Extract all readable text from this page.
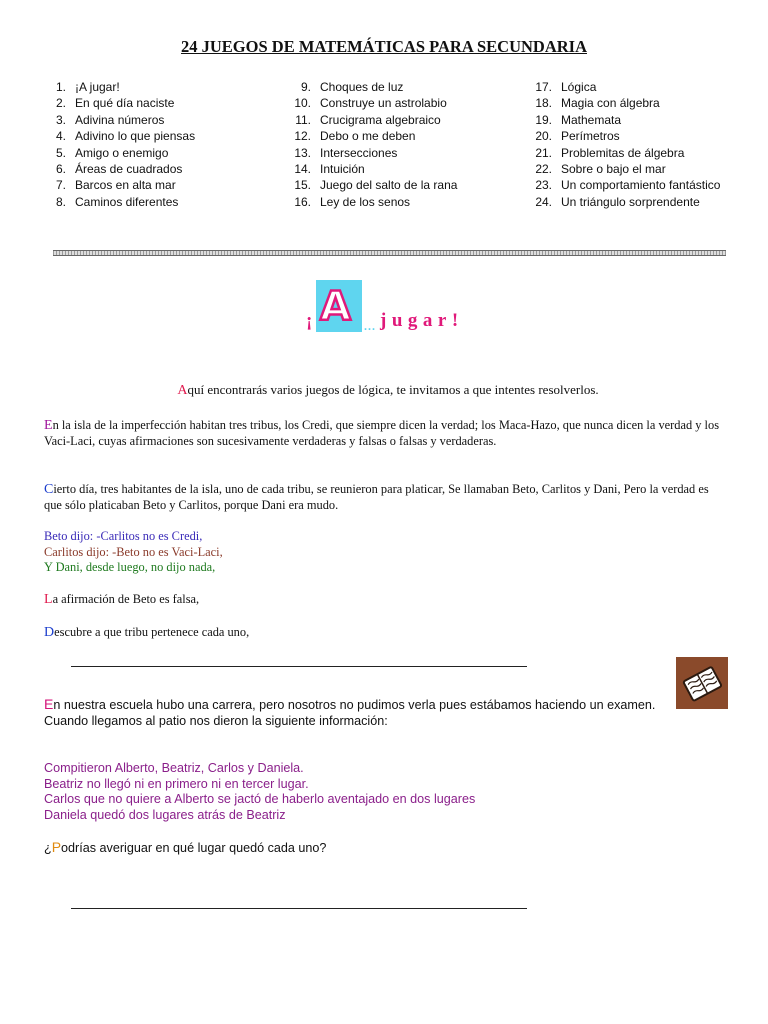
24 JUEGOS DE MATEMÁTICAS PARA SECUNDARIA
1. ¡A jugar!
2. En qué día naciste
3. Adivina números
4. Adivino lo que piensas
5. Amigo o enemigo
6. Áreas de cuadrados
7. Barcos en alta mar
8. Caminos diferentes
9. Choques de luz
10. Construye un astrolabio
11. Crucigrama algebraico
12. Debo o me deben
13. Intersecciones
14. Intuición
15. Juego del salto de la rana
16. Ley de los senos
17. Lógica
18. Magia con álgebra
19. Mathemata
20. Perímetros
21. Problemitas de álgebra
22. Sobre o bajo el mar
23. Un comportamiento fantástico
24. Un triángulo sorprendente
¡ A ... jugar!
Aquí encontrarás varios juegos de lógica, te invitamos a que intentes resolverlos.
En la isla de la imperfección habitan tres tribus, los Credi, que siempre dicen la verdad; los Maca-Hazo, que nunca dicen la verdad y los Vaci-Laci, cuyas afirmaciones son sucesivamente verdaderas y falsas o falsas y verdaderas.
Cierto día, tres habitantes de la isla, uno de cada tribu, se reunieron para platicar, Se llamaban Beto, Carlitos y Dani, Pero la verdad es que sólo platicaban Beto y Carlitos, porque Dani era mudo.
Beto dijo: -Carlitos no es Credi,
Carlitos dijo: -Beto no es Vaci-Laci,
Y Dani, desde luego, no dijo nada,
La afirmación de Beto es falsa,
Descubre a que tribu pertenece cada uno,
En nuestra escuela hubo una carrera, pero nosotros no pudimos verla pues estábamos haciendo un examen. Cuando llegamos al patio nos dieron la siguiente información:
Compitieron Alberto, Beatriz, Carlos y Daniela.
Beatriz no llegó ni en primero ni en tercer lugar.
Carlos que no quiere a Alberto se jactó de haberlo aventajado en dos lugares
Daniela quedó dos lugares atrás de Beatriz
¿Podrías averiguar en qué lugar quedó cada uno?
